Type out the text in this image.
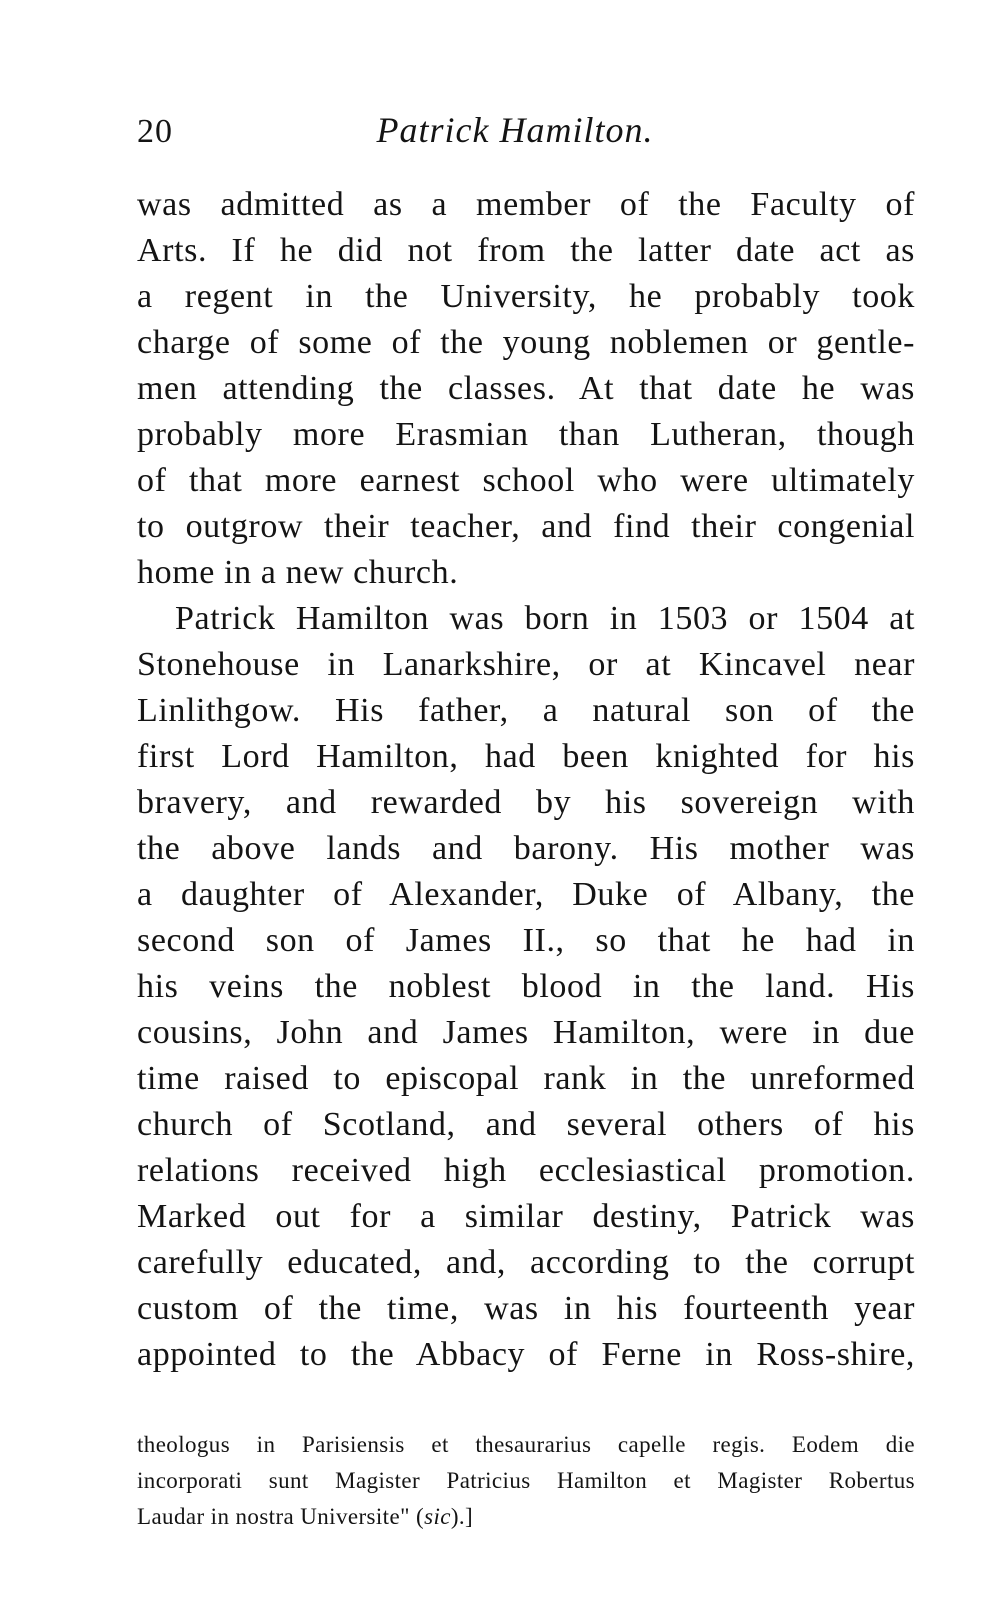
20	Patrick Hamilton.
was admitted as a member of the Faculty of
Arts. If he did not from the latter date act as
a regent in the University, he probably took
charge of some of the young noblemen or gentle-
men attending the classes. At that date he was
probably more Erasmian than Lutheran, though
of that more earnest school who were ultimately
to outgrow their teacher, and find their congenial
home in a new church.
Patrick Hamilton was born in 1503 or 1504 at
Stonehouse in Lanarkshire, or at Kincavel near
Linlithgow. His father, a natural son of the
first Lord Hamilton, had been knighted for his
bravery, and rewarded by his sovereign with
the above lands and barony. His mother was
a daughter of Alexander, Duke of Albany, the
second son of James II., so that he had in
his veins the noblest blood in the land. His
cousins, John and James Hamilton, were in due
time raised to episcopal rank in the unreformed
church of Scotland, and several others of his
relations received high ecclesiastical promotion.
Marked out for a similar destiny, Patrick was
carefully educated, and, according to the corrupt
custom of the time, was in his fourteenth year
appointed to the Abbacy of Ferne in Ross-shire,
theologus in Parisiensis et thesaurarius capelle regis. Eodem die
incorporati sunt Magister Patricius Hamilton et Magister Robertus
Laudar in nostra Universite" (sic).]
